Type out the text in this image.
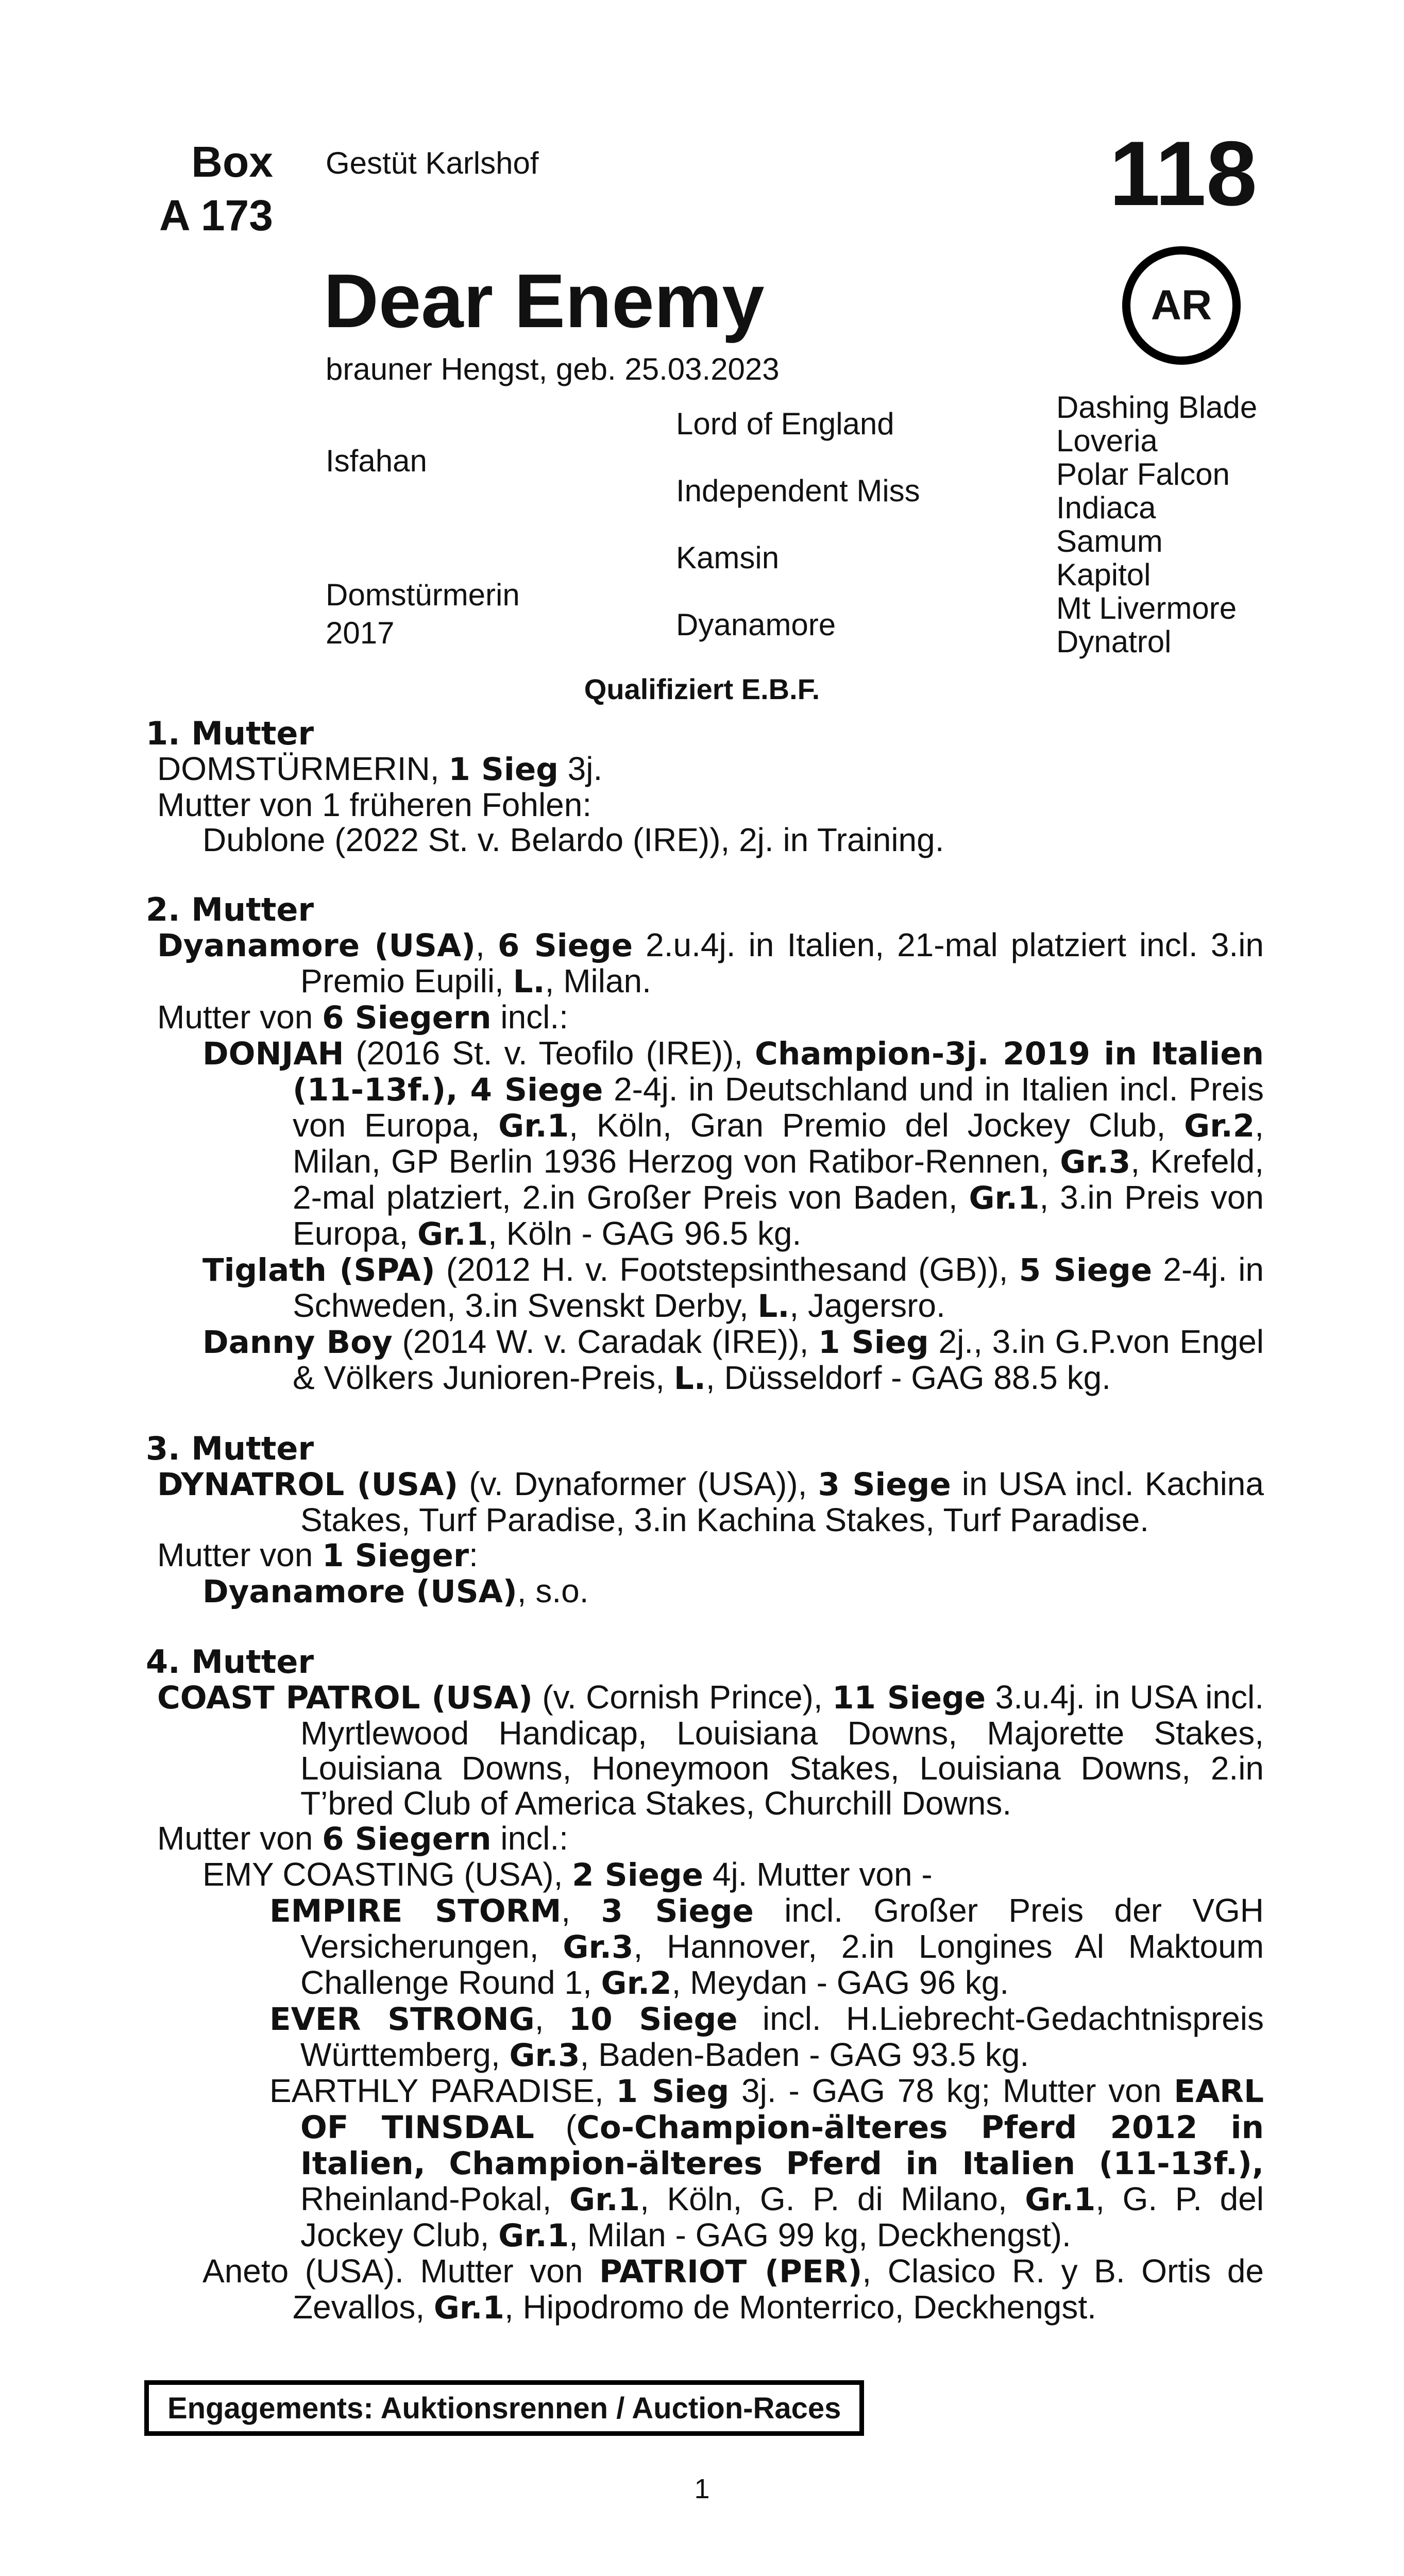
Box
A 173
Gestüt Karlshof	118
AR
Dear Enemy
brauner Hengst, geb. 25.03.2023
Isfahan
Domstürmerin
2017
Lord of England
Independent Miss
Kamsin
Dyanamore
Dashing Blade
Loveria
Polar Falcon
Indiaca
Samum
Kapitol
Mt Livermore
Dynatrol
Qualifiziert E.B.F.

1. Mutter

DOMSTÜRMERIN, 1 Sieg 3j.

Mutter von 1 früheren Fohlen:

Dublone (2022 St. v. Belardo (IRE)), 2j. in Training.

2. Mutter

Dyanamore (USA), 6 Siege 2.u.4j. in Italien, 21-mal platziert incl. 3.in Premio Eupili, L., Milan.

Mutter von 6 Siegern incl.:

DONJAH (2016 St. v. Teofilo (IRE)), Champion-3j. 2019 in Italien (11-13f.), 4 Siege 2-4j. in Deutschland und in Italien incl. Preis von Europa, Gr.1, Köln, Gran Premio del Jockey Club, Gr.2, Milan, GP Berlin 1936 Herzog von Ratibor-Rennen, Gr.3, Krefeld, 2-mal platziert, 2.in Großer Preis von Baden, Gr.1, 3.in Preis von Europa, Gr.1, Köln - GAG 96.5 kg.

Tiglath (SPA) (2012 H. v. Footstepsinthesand (GB)), 5 Siege 2-4j. in Schweden, 3.in Svenskt Derby, L., Jagersro.

Danny Boy (2014 W. v. Caradak (IRE)), 1 Sieg 2j., 3.in G.P.von Engel & Völkers Junioren-Preis, L., Düsseldorf - GAG 88.5 kg.

3. Mutter

DYNATROL (USA) (v. Dynaformer (USA)), 3 Siege in USA incl. Kachina Stakes, Turf Paradise, 3.in Kachina Stakes, Turf Paradise.

Mutter von 1 Sieger:

Dyanamore (USA), s.o.

4. Mutter

COAST PATROL (USA) (v. Cornish Prince), 11 Siege 3.u.4j. in USA incl. Myrtlewood Handicap, Louisiana Downs, Majorette Stakes, Louisiana Downs, Honeymoon Stakes, Louisiana Downs, 2.in T’bred Club of America Stakes, Churchill Downs.

Mutter von 6 Siegern incl.:

EMY COASTING (USA), 2 Siege 4j. Mutter von -

EMPIRE STORM, 3 Siege incl. Großer Preis der VGH Versicherungen, Gr.3, Hannover, 2.in Longines Al Maktoum Challenge Round 1, Gr.2, Meydan - GAG 96 kg.

EVER STRONG, 10 Siege incl. H.Liebrecht-Gedachtnispreis Württemberg, Gr.3, Baden-Baden - GAG 93.5 kg.

EARTHLY PARADISE, 1 Sieg 3j. - GAG 78 kg; Mutter von EARL OF TINSDAL (Co-Champion-älteres Pferd 2012 in Italien, Champion-älteres Pferd in Italien (11-13f.), Rheinland-Pokal, Gr.1, Köln, G. P. di Milano, Gr.1, G. P. del Jockey Club, Gr.1, Milan - GAG 99 kg, Deckhengst).

Aneto (USA). Mutter von PATRIOT (PER), Clasico R. y B. Ortis de Zevallos, Gr.1, Hipodromo de Monterrico, Deckhengst.

Engagements: Auktionsrennen / Auction-Races
1
